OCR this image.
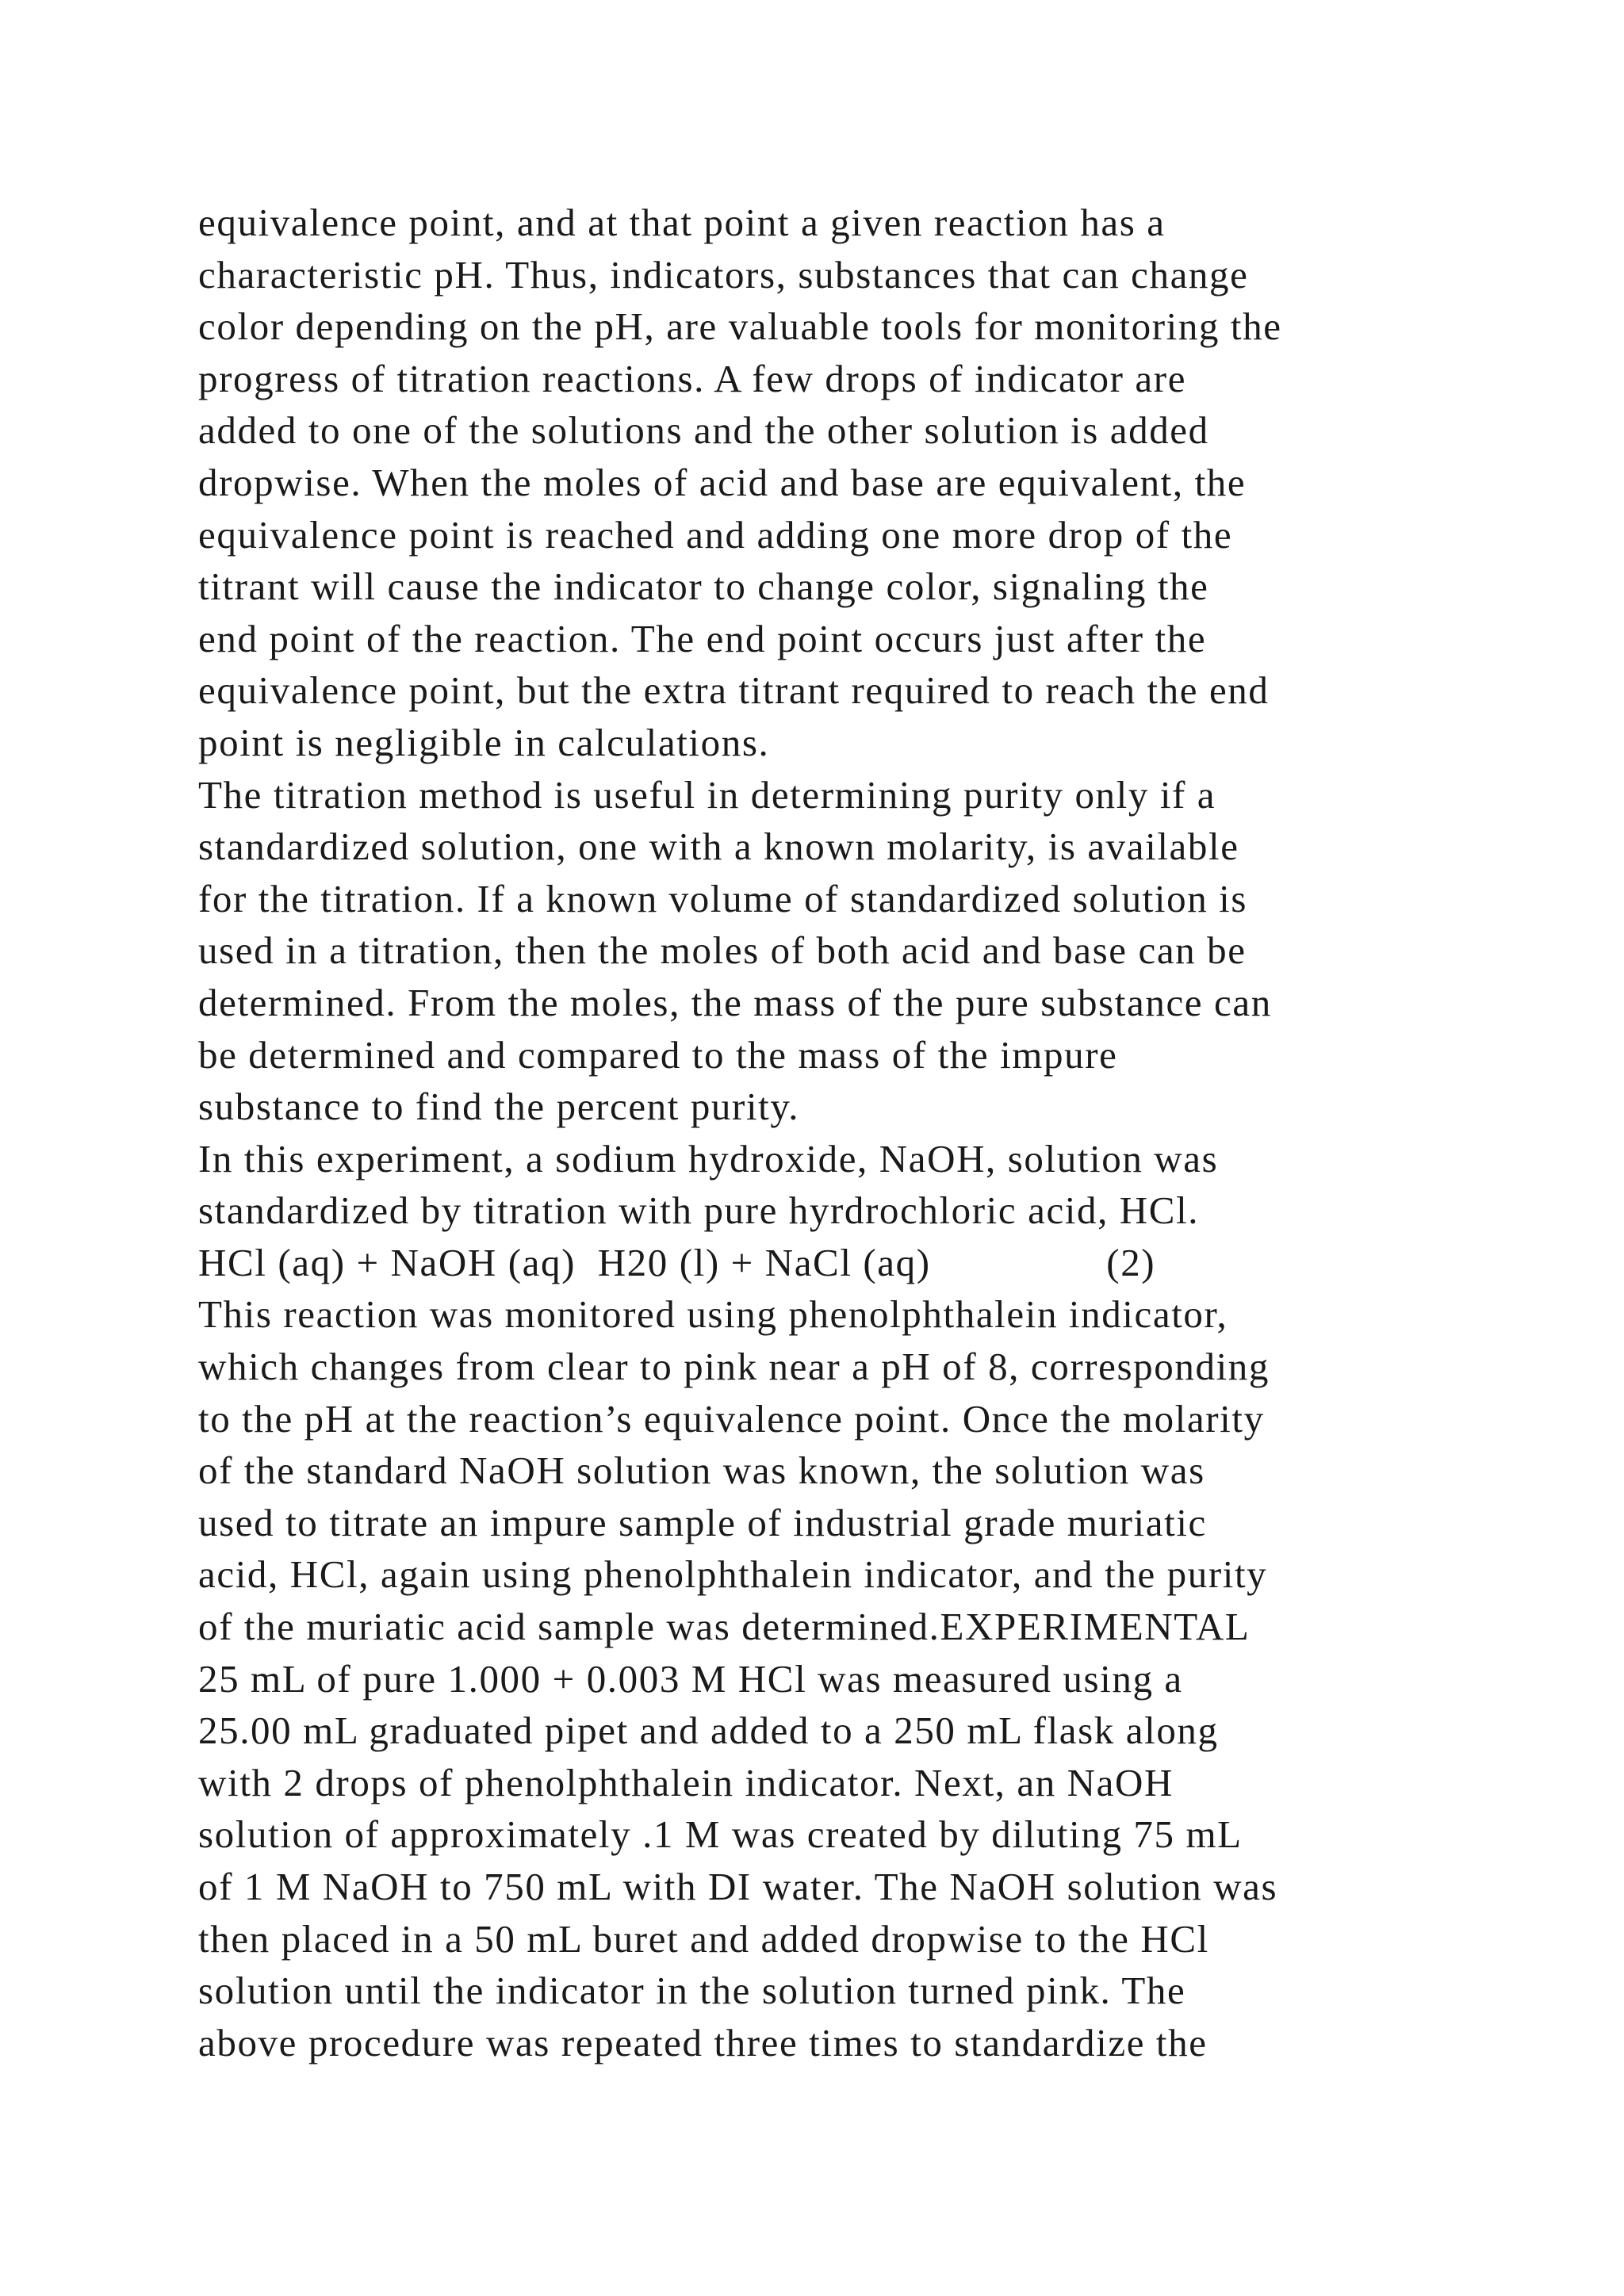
equivalence point, and at that point a given reaction has a
characteristic pH. Thus, indicators, substances that can change
color depending on the pH, are valuable tools for monitoring the
progress of titration reactions. A few drops of indicator are
added to one of the solutions and the other solution is added
dropwise. When the moles of acid and base are equivalent, the
equivalence point is reached and adding one more drop of the
titrant will cause the indicator to change color, signaling the
end point of the reaction. The end point occurs just after the
equivalence point, but the extra titrant required to reach the end
point is negligible in calculations.
The titration method is useful in determining purity only if a
standardized solution, one with a known molarity, is available
for the titration. If a known volume of standardized solution is
used in a titration, then the moles of both acid and base can be
determined. From the moles, the mass of the pure substance can
be determined and compared to the mass of the impure
substance to find the percent purity.
In this experiment, a sodium hydroxide, NaOH, solution was
standardized by titration with pure hyrdrochloric acid, HCl.
HCl (aq) + NaOH (aq)  H20 (l) + NaCl (aq)                (2)
This reaction was monitored using phenolphthalein indicator,
which changes from clear to pink near a pH of 8, corresponding
to the pH at the reaction’s equivalence point. Once the molarity
of the standard NaOH solution was known, the solution was
used to titrate an impure sample of industrial grade muriatic
acid, HCl, again using phenolphthalein indicator, and the purity
of the muriatic acid sample was determined.EXPERIMENTAL
25 mL of pure 1.000 + 0.003 M HCl was measured using a
25.00 mL graduated pipet and added to a 250 mL flask along
with 2 drops of phenolphthalein indicator. Next, an NaOH
solution of approximately .1 M was created by diluting 75 mL
of 1 M NaOH to 750 mL with DI water. The NaOH solution was
then placed in a 50 mL buret and added dropwise to the HCl
solution until the indicator in the solution turned pink. The
above procedure was repeated three times to standardize the
